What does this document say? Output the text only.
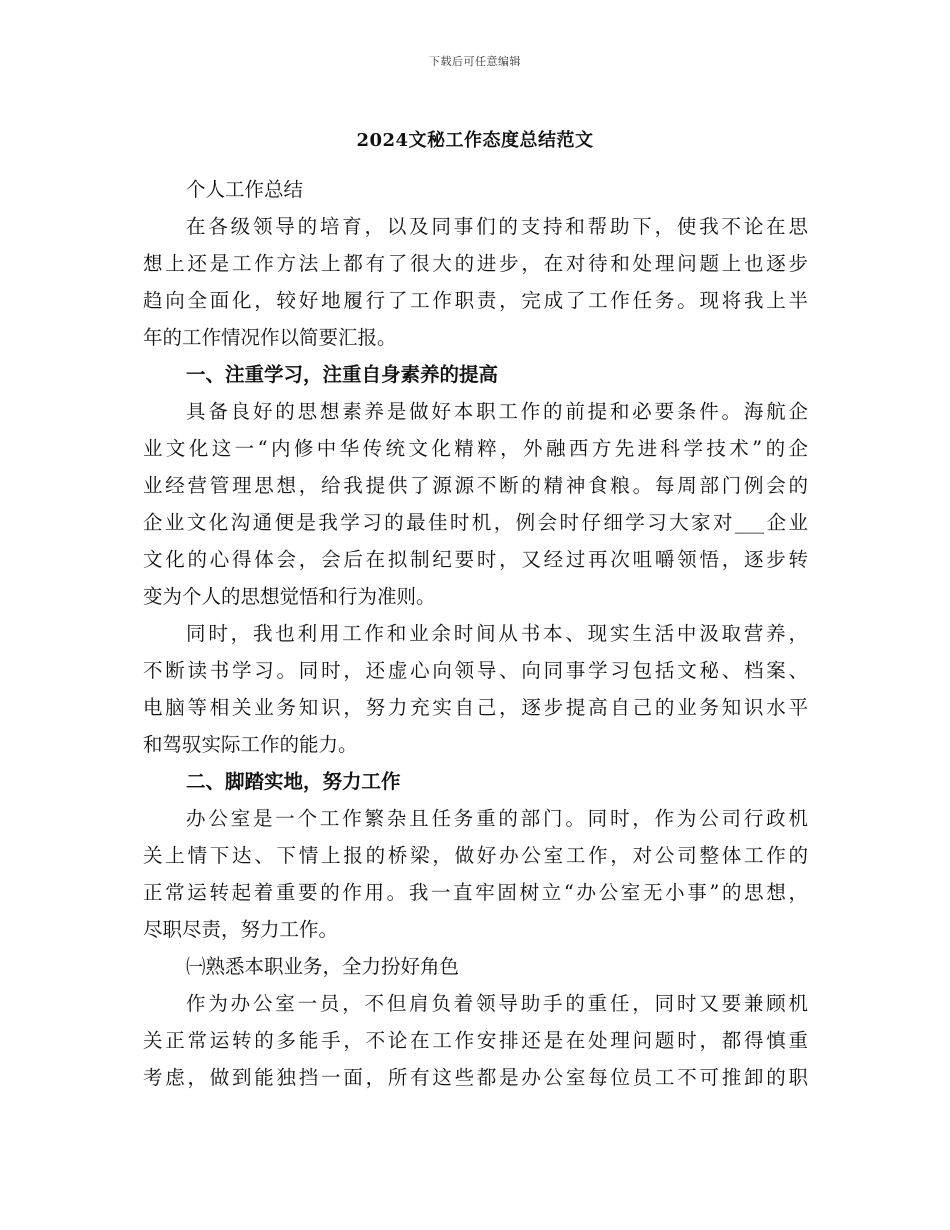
下载后可任意编辑
2024文秘工作态度总结范文
个人工作总结
在各级领导的培育，以及同事们的支持和帮助下，使我不论在思
想上还是工作方法上都有了很大的进步，在对待和处理问题上也逐步
趋向全面化，较好地履行了工作职责，完成了工作任务。现将我上半
年的工作情况作以简要汇报。
一、注重学习，注重自身素养的提高
具备良好的思想素养是做好本职工作的前提和必要条件。海航企
业文化这一“内修中华传统文化精粹，外融西方先进科学技术”的企
业经营管理思想，给我提供了源源不断的精神食粮。每周部门例会的
企业文化沟通便是我学习的最佳时机，例会时仔细学习大家对___企业
文化的心得体会，会后在拟制纪要时，又经过再次咀嚼领悟，逐步转
变为个人的思想觉悟和行为准则。
同时，我也利用工作和业余时间从书本、现实生活中汲取营养，
不断读书学习。同时，还虚心向领导、向同事学习包括文秘、档案、
电脑等相关业务知识，努力充实自己，逐步提高自己的业务知识水平
和驾驭实际工作的能力。
二、脚踏实地，努力工作
办公室是一个工作繁杂且任务重的部门。同时，作为公司行政机
关上情下达、下情上报的桥梁，做好办公室工作，对公司整体工作的
正常运转起着重要的作用。我一直牢固树立“办公室无小事”的思想，
尽职尽责，努力工作。
㈠熟悉本职业务，全力扮好角色
作为办公室一员，不但肩负着领导助手的重任，同时又要兼顾机
关正常运转的多能手，不论在工作安排还是在处理问题时，都得慎重
考虑，做到能独挡一面，所有这些都是办公室每位员工不可推卸的职
